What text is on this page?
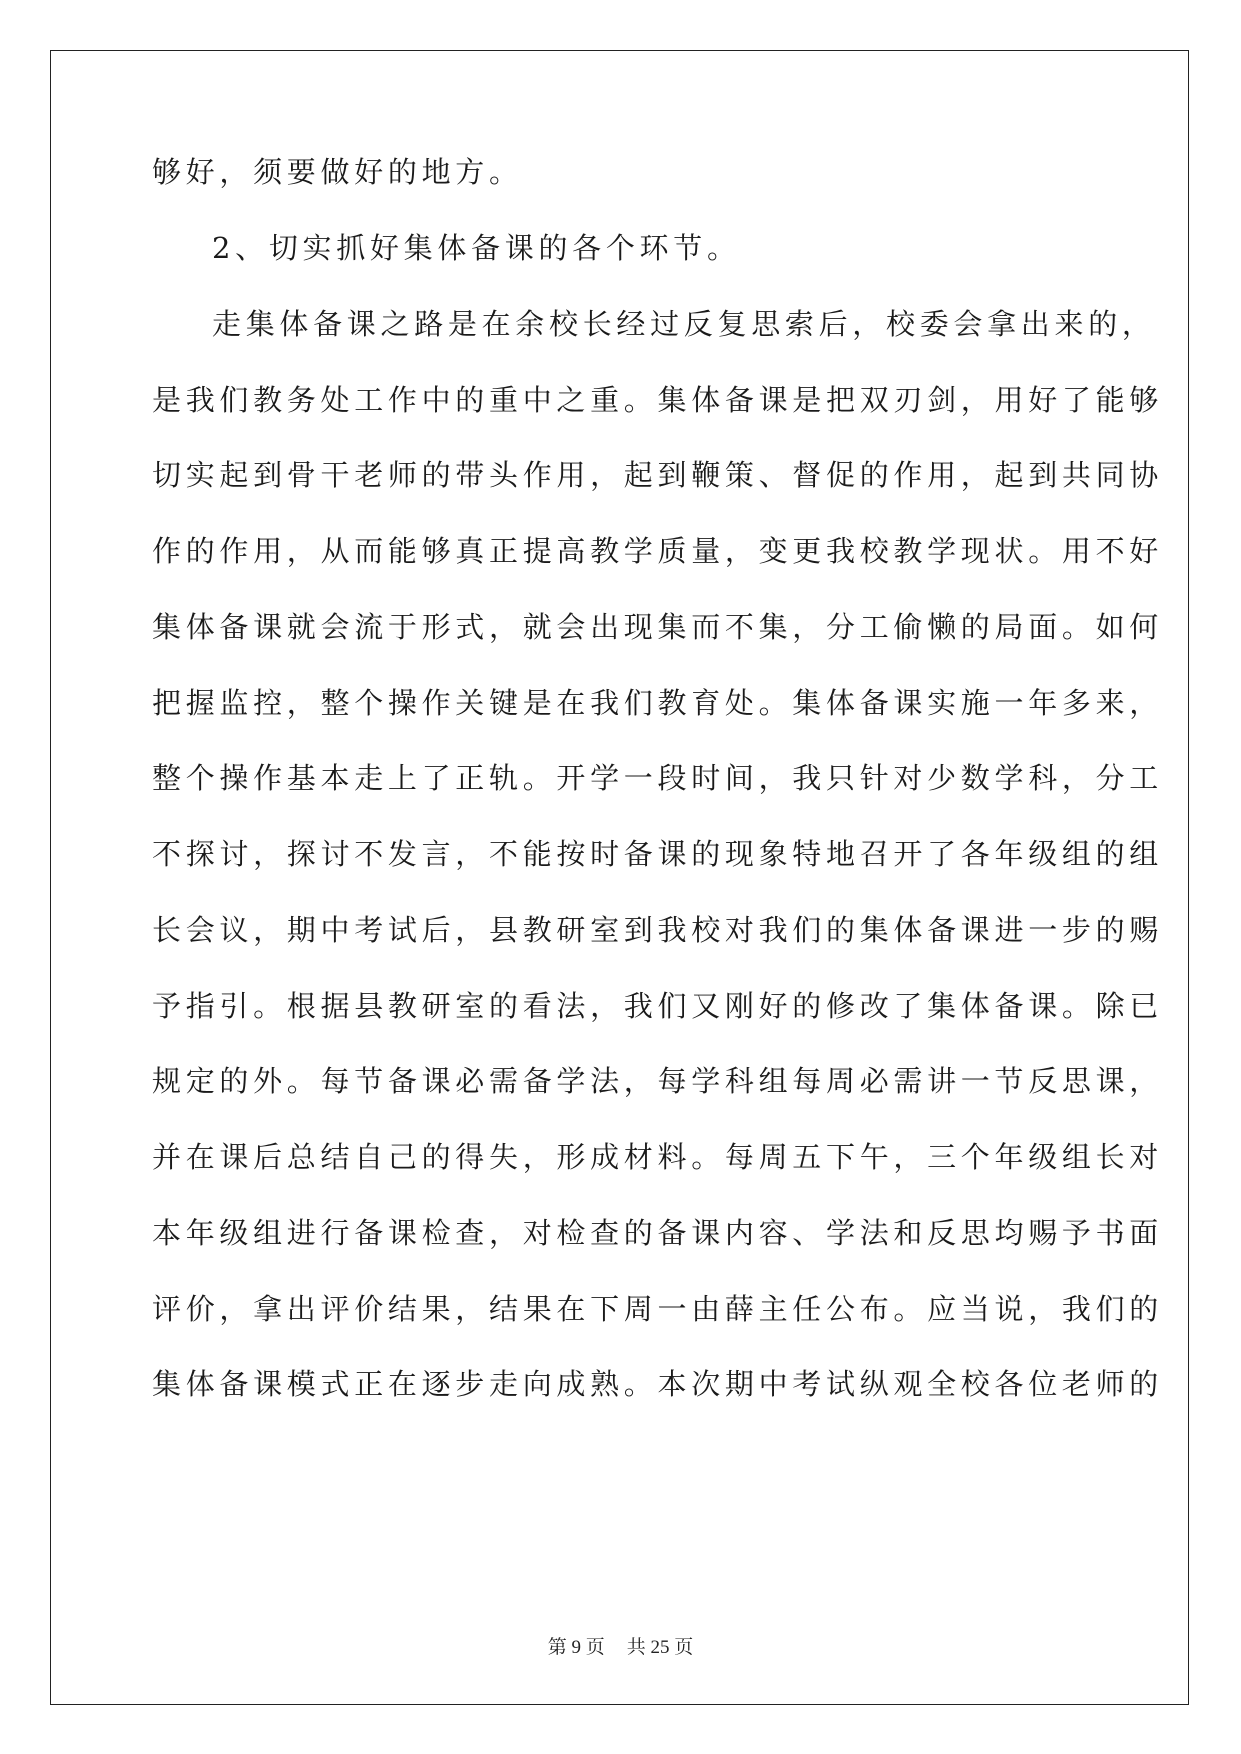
够好，须要做好的地方。
2、切实抓好集体备课的各个环节。
走集体备课之路是在余校长经过反复思索后，校委会拿出来的，
是我们教务处工作中的重中之重。集体备课是把双刃剑，用好了能够
切实起到骨干老师的带头作用，起到鞭策、督促的作用，起到共同协
作的作用，从而能够真正提高教学质量，变更我校教学现状。用不好
集体备课就会流于形式，就会出现集而不集，分工偷懒的局面。如何
把握监控，整个操作关键是在我们教育处。集体备课实施一年多来，
整个操作基本走上了正轨。开学一段时间，我只针对少数学科，分工
不探讨，探讨不发言，不能按时备课的现象特地召开了各年级组的组
长会议，期中考试后，县教研室到我校对我们的集体备课进一步的赐
予指引。根据县教研室的看法，我们又刚好的修改了集体备课。除已
规定的外。每节备课必需备学法，每学科组每周必需讲一节反思课，
并在课后总结自己的得失，形成材料。每周五下午，三个年级组长对
本年级组进行备课检查，对检查的备课内容、学法和反思均赐予书面
评价，拿出评价结果，结果在下周一由薛主任公布。应当说，我们的
集体备课模式正在逐步走向成熟。本次期中考试纵观全校各位老师的
第 9 页 共 25 页
